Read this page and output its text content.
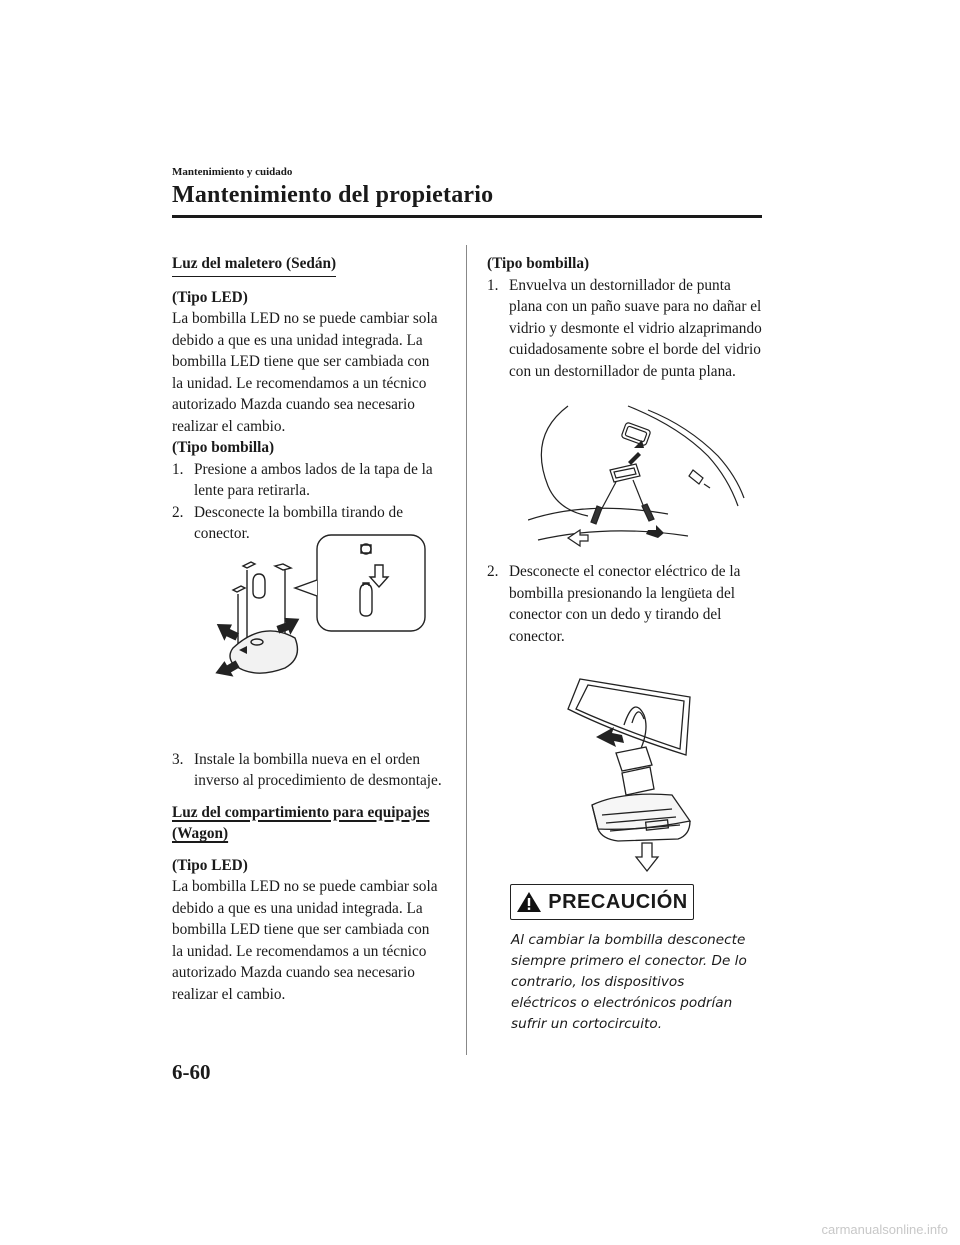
Mantenimiento y cuidado
Mantenimiento del propietario
Luz del maletero (Sedán)

(Tipo LED)

La bombilla LED no se puede cambiar sola debido a que es una unidad integrada. La bombilla LED tiene que ser cambiada con la unidad. Le recomendamos a un técnico autorizado Mazda cuando sea necesario realizar el cambio.

(Tipo bombilla)

1. Presione a ambos lados de la tapa de la lente para retirarla.
2. Desconecte la bombilla tirando de conector.
3. Instale la bombilla nueva en el orden inverso al procedimiento de desmontaje.
Luz del compartimiento para equipajes (Wagon)

(Tipo LED)

La bombilla LED no se puede cambiar sola debido a que es una unidad integrada. La bombilla LED tiene que ser cambiada con la unidad. Le recomendamos a un técnico autorizado Mazda cuando sea necesario realizar el cambio.

(Tipo bombilla)

1. Envuelva un destornillador de punta plana con un paño suave para no dañar el vidrio y desmonte el vidrio alzaprimando cuidadosamente sobre el borde del vidrio con un destornillador de punta plana.
2. Desconecte el conector eléctrico de la bombilla presionando la lengüeta del conector con un dedo y tirando del conector.
PRECAUCIÓN
Al cambiar la bombilla desconecte siempre primero el conector. De lo contrario, los dispositivos eléctricos o electrónicos podrían sufrir un cortocircuito.
6-60
carmanualsonline.info
